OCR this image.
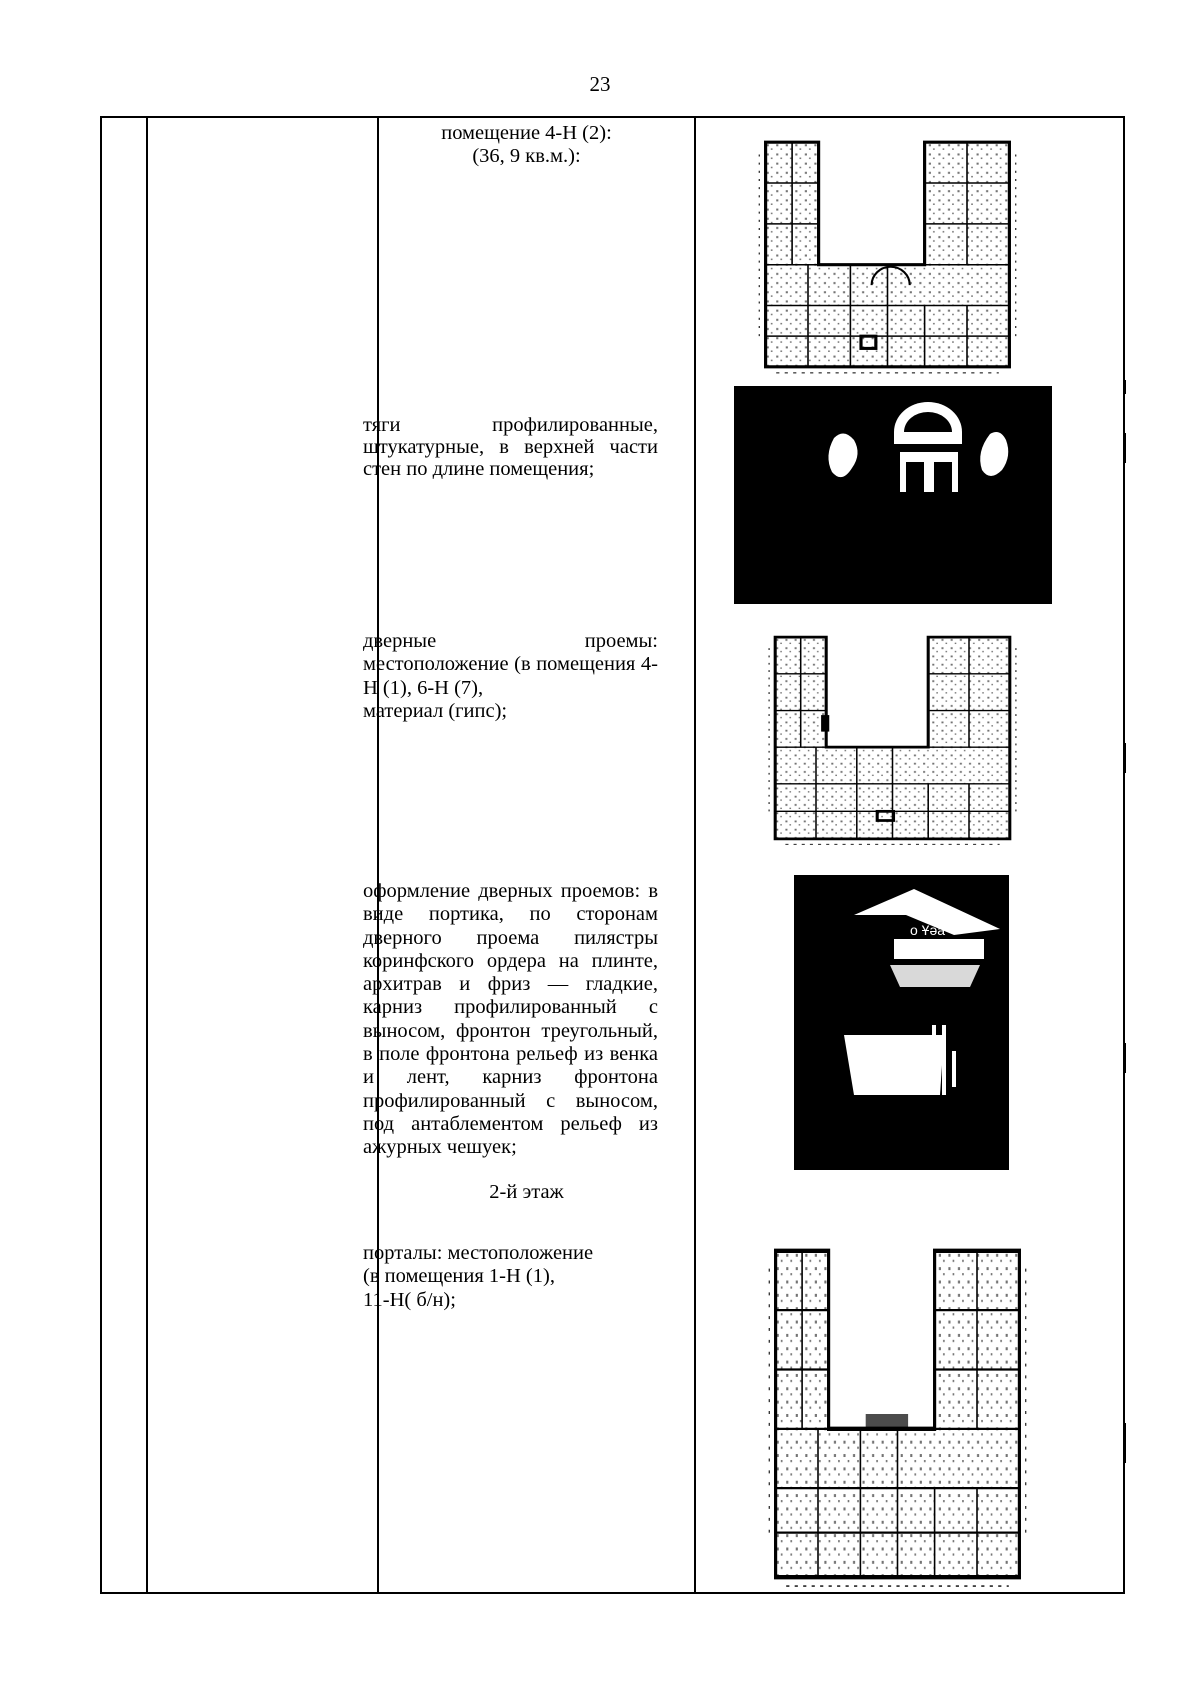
23

помещение 4-Н (2):

(36, 9 кв.м.):

тяги профилированные, штукатурные, в верхней части стен по длине помещения;

дверные проемы: местоположение (в помещения 4-Н (1), 6-Н (7),

материал (гипс);

оформление дверных проемов: в виде портика, по сторонам дверного проема пилястры коринфского ордера на плинте, архитрав и фриз — гладкие, карниз профилированный с выносом, фронтон треугольный, в поле фронтона рельеф из венка и лент, карниз фронтона профилированный с выносом, под антаблементом рельеф из ажурных чешуек;

o Ұəa

2-й этаж

порталы: местоположение

(в помещения 1-Н (1),

11-Н( б/н);
